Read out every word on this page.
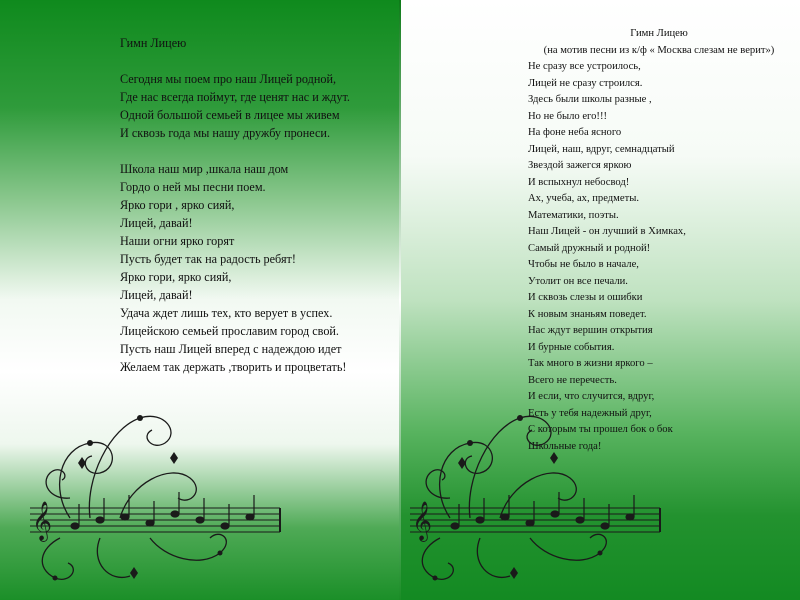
Гимн Лицею
Сегодня мы поем про наш Лицей родной,
Где нас всегда поймут, где ценят нас и ждут.
Одной большой семьей в лицее мы живем
И сквозь года мы нашу дружбу пронеси.
Школа наш мир ,шкала наш дом
Гордо о ней мы песни поем.
Ярко гори , ярко сияй,
Лицей, давай!
Наши огни ярко горят
Пусть будет так на радость ребят!
Ярко гори, ярко сияй,
Лицей, давай!
Удача ждет лишь тех, кто верует в успех.
Лицейскою семьей прославим город свой.
Пусть наш Лицей вперед с надеждою идет
Желаем так держать ,творить и процветать!
Гимн Лицею
(на мотив песни из к/ф « Москва слезам не верит»)
Не сразу все устроилось,
Лицей не сразу строился.
Здесь были школы разные ,
Но не было его!!!
На фоне неба ясного
Лицей, наш, вдруг, семнадцатый
Звездой зажегся яркою
И вспыхнул небосвод!
Ах, учеба, ах, предметы.
Математики, поэты.
Наш Лицей - он лучший в Химках,
Самый дружный и родной!
Чтобы не было в начале,
Утолит он все печали.
И сквозь слезы и ошибки
К новым знаньям поведет.
Нас ждут вершин открытия
И бурные события.
Так много в жизни яркого –
Всего не перечесть.
И если, что случится, вдруг,
Есть у тебя надежный друг,
С которым ты прошел бок о бок
Школьные года!
𝄞	𝄞
